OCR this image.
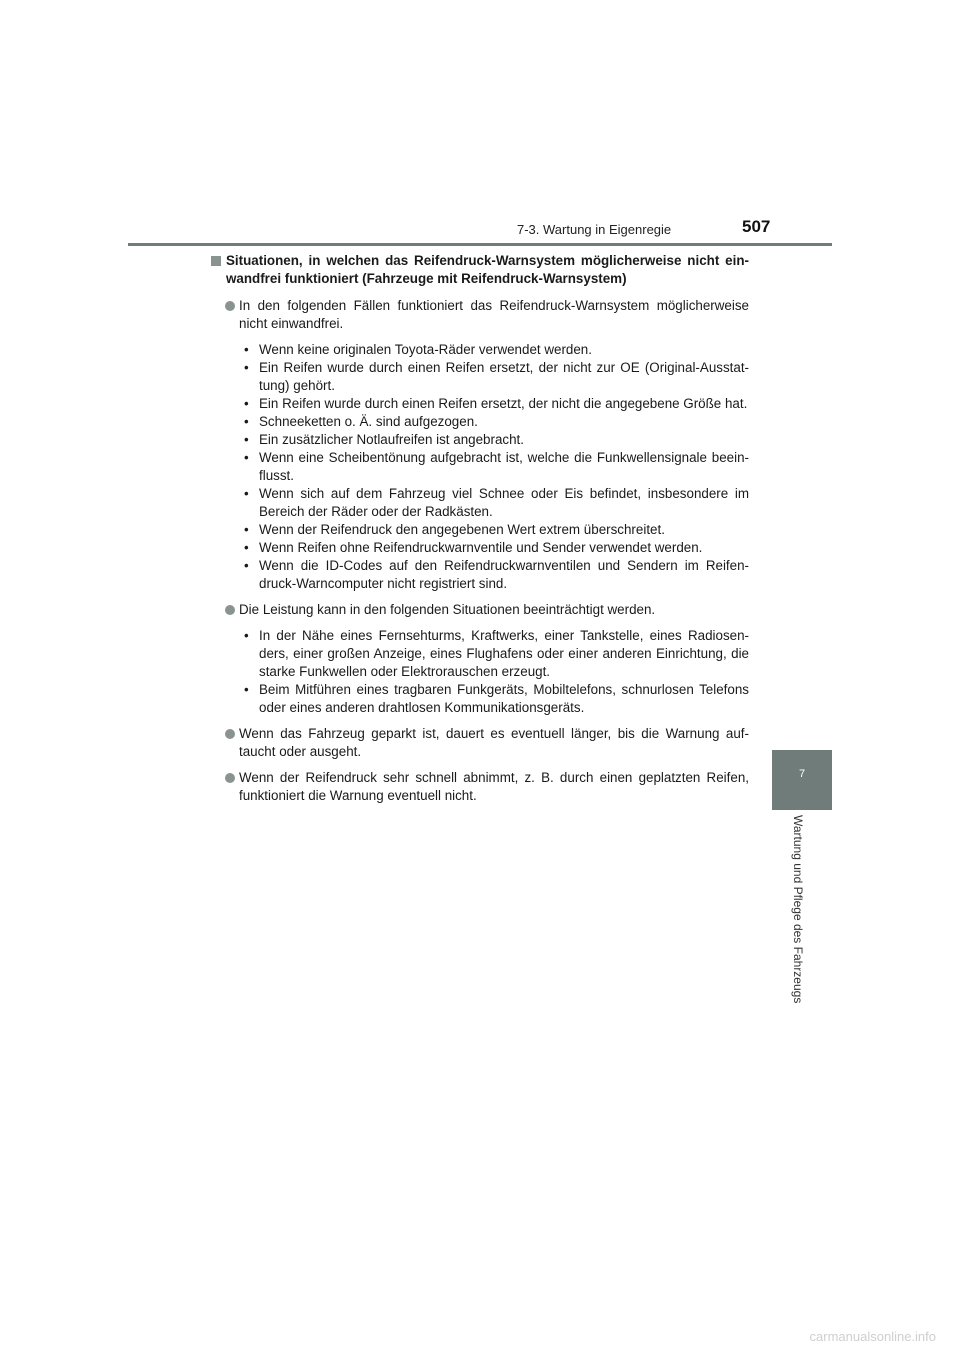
7-3. Wartung in Eigenregie	507
7
Wartung und Pflege des Fahrzeugs
Situationen, in welchen das Reifendruck-Warnsystem möglicherweise nicht ein- wandfrei funktioniert (Fahrzeuge mit Reifendruck-Warnsystem)
In den folgenden Fällen funktioniert das Reifendruck-Warnsystem möglicherweise nicht einwandfrei.
• Wenn keine originalen Toyota-Räder verwendet werden.
• Ein Reifen wurde durch einen Reifen ersetzt, der nicht zur OE (Original-Ausstat- tung) gehört.
• Ein Reifen wurde durch einen Reifen ersetzt, der nicht die angegebene Größe hat.
• Schneeketten o. Ä. sind aufgezogen.
• Ein zusätzlicher Notlaufreifen ist angebracht.
• Wenn eine Scheibentönung aufgebracht ist, welche die Funkwellensignale beein- flusst.
• Wenn sich auf dem Fahrzeug viel Schnee oder Eis befindet, insbesondere im Bereich der Räder oder der Radkästen.
• Wenn der Reifendruck den angegebenen Wert extrem überschreitet.
• Wenn Reifen ohne Reifendruckwarnventile und Sender verwendet werden.
• Wenn die ID-Codes auf den Reifendruckwarnventilen und Sendern im Reifen- druck-Warncomputer nicht registriert sind.
Die Leistung kann in den folgenden Situationen beeinträchtigt werden.
• In der Nähe eines Fernsehturms, Kraftwerks, einer Tankstelle, eines Radiosen- ders, einer großen Anzeige, eines Flughafens oder einer anderen Einrichtung, die starke Funkwellen oder Elektrorauschen erzeugt.
• Beim Mitführen eines tragbaren Funkgeräts, Mobiltelefons, schnurlosen Telefons oder eines anderen drahtlosen Kommunikationsgeräts.
Wenn das Fahrzeug geparkt ist, dauert es eventuell länger, bis die Warnung auf- taucht oder ausgeht.
Wenn der Reifendruck sehr schnell abnimmt, z. B. durch einen geplatzten Reifen, funktioniert die Warnung eventuell nicht.
carmanualsonline.info
